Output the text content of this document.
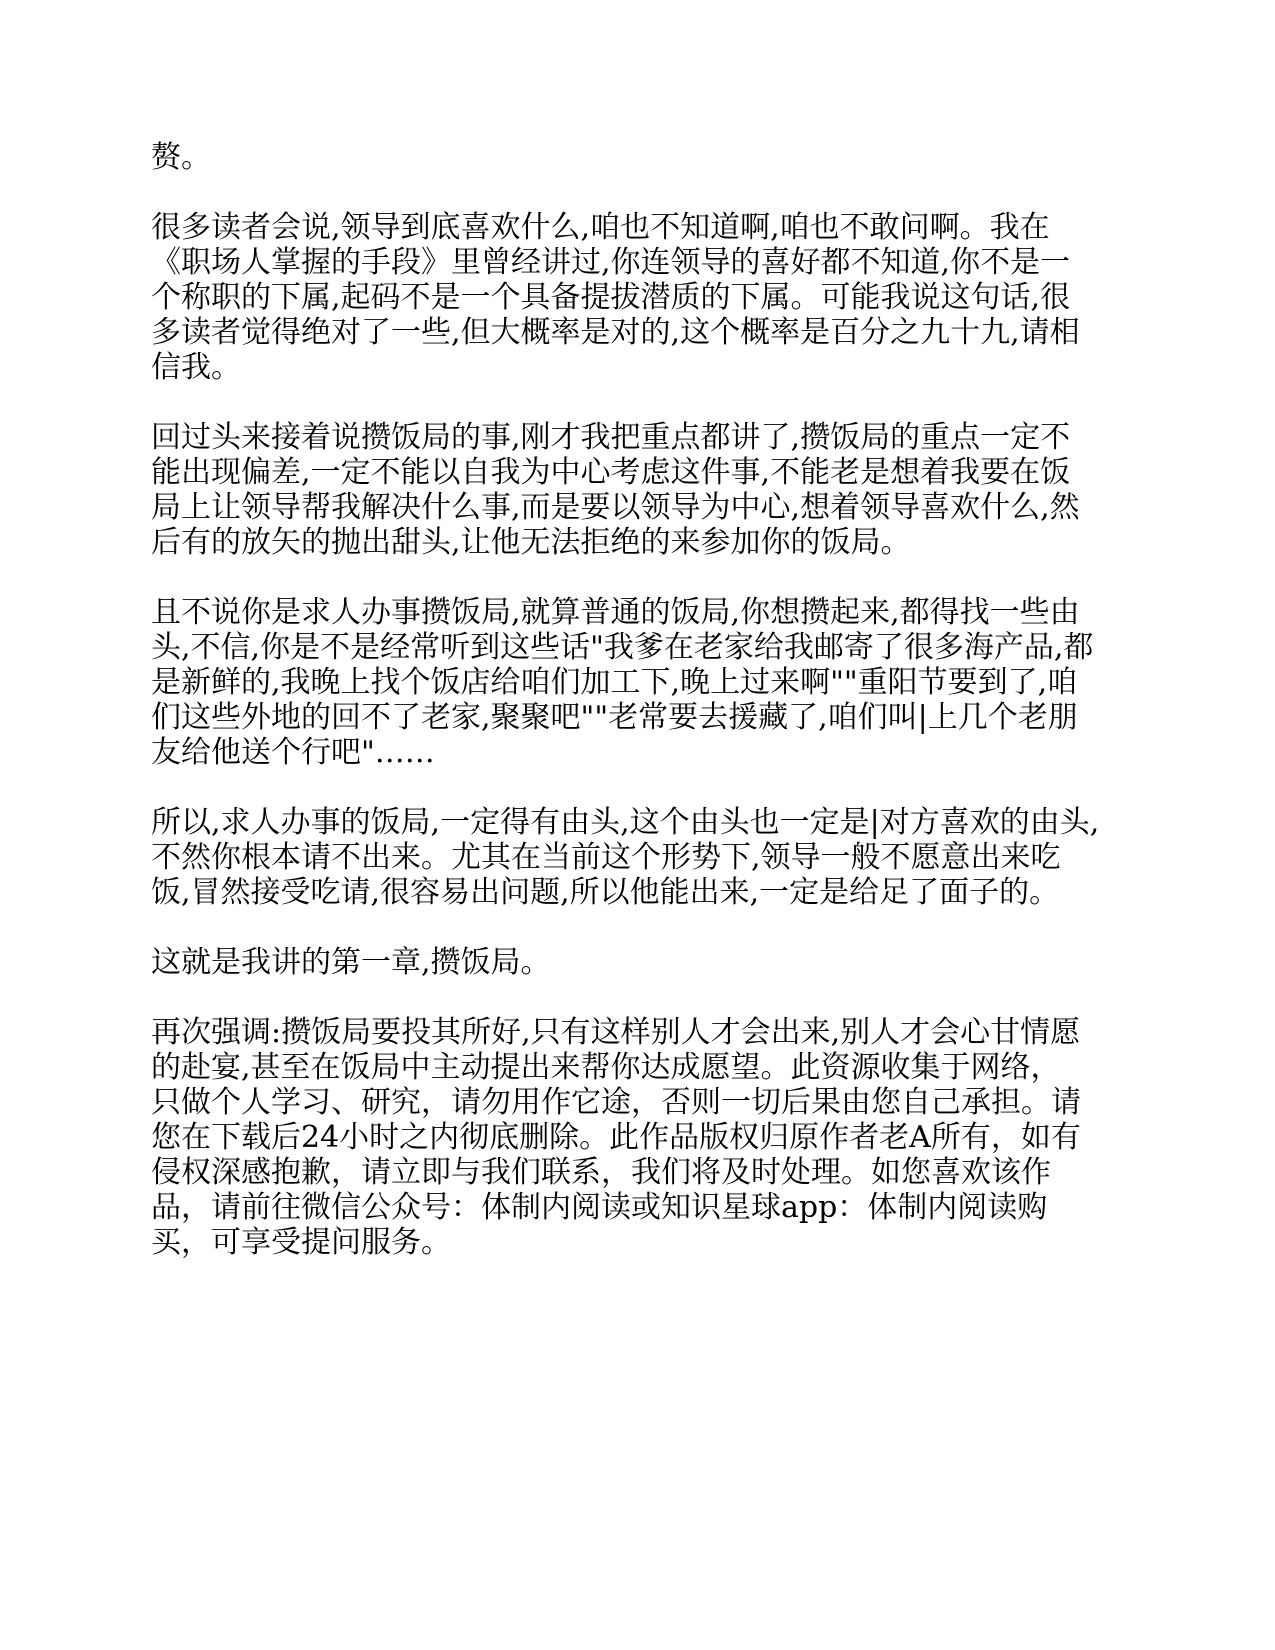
赘。

很多读者会说,领导到底喜欢什么,咱也不知道啊,咱也不敢问啊。我在
《职场人掌握的手段》里曾经讲过,你连领导的喜好都不知道,你不是一
个称职的下属,起码不是一个具备提拔潜质的下属。可能我说这句话,很
多读者觉得绝对了一些,但大概率是对的,这个概率是百分之九十九,请相
信我。

回过头来接着说攒饭局的事,刚才我把重点都讲了,攒饭局的重点一定不
能出现偏差,一定不能以自我为中心考虑这件事,不能老是想着我要在饭
局上让领导帮我解决什么事,而是要以领导为中心,想着领导喜欢什么,然
后有的放矢的抛出甜头,让他无法拒绝的来参加你的饭局。

且不说你是求人办事攒饭局,就算普通的饭局,你想攒起来,都得找一些由
头,不信,你是不是经常听到这些话"我爹在老家给我邮寄了很多海产品,都
是新鲜的,我晚上找个饭店给咱们加工下,晚上过来啊""重阳节要到了,咱
们这些外地的回不了老家,聚聚吧""老常要去援藏了,咱们叫|上几个老朋
友给他送个行吧"……

所以,求人办事的饭局,一定得有由头,这个由头也一定是|对方喜欢的由头,
不然你根本请不出来。尤其在当前这个形势下,领导一般不愿意出来吃
饭,冒然接受吃请,很容易出问题,所以他能出来,一定是给足了面子的。

这就是我讲的第一章,攒饭局。

再次强调:攒饭局要投其所好,只有这样别人才会出来,别人才会心甘情愿
的赴宴,甚至在饭局中主动提出来帮你达成愿望。此资源收集于网络，
只做个人学习、研究，请勿用作它途，否则一切后果由您自己承担。请
您在下载后24小时之内彻底删除。此作品版权归原作者老A所有，如有
侵权深感抱歉，请立即与我们联系，我们将及时处理。如您喜欢该作
品，请前往微信公众号：体制内阅读或知识星球app：体制内阅读购
买，可享受提问服务。
